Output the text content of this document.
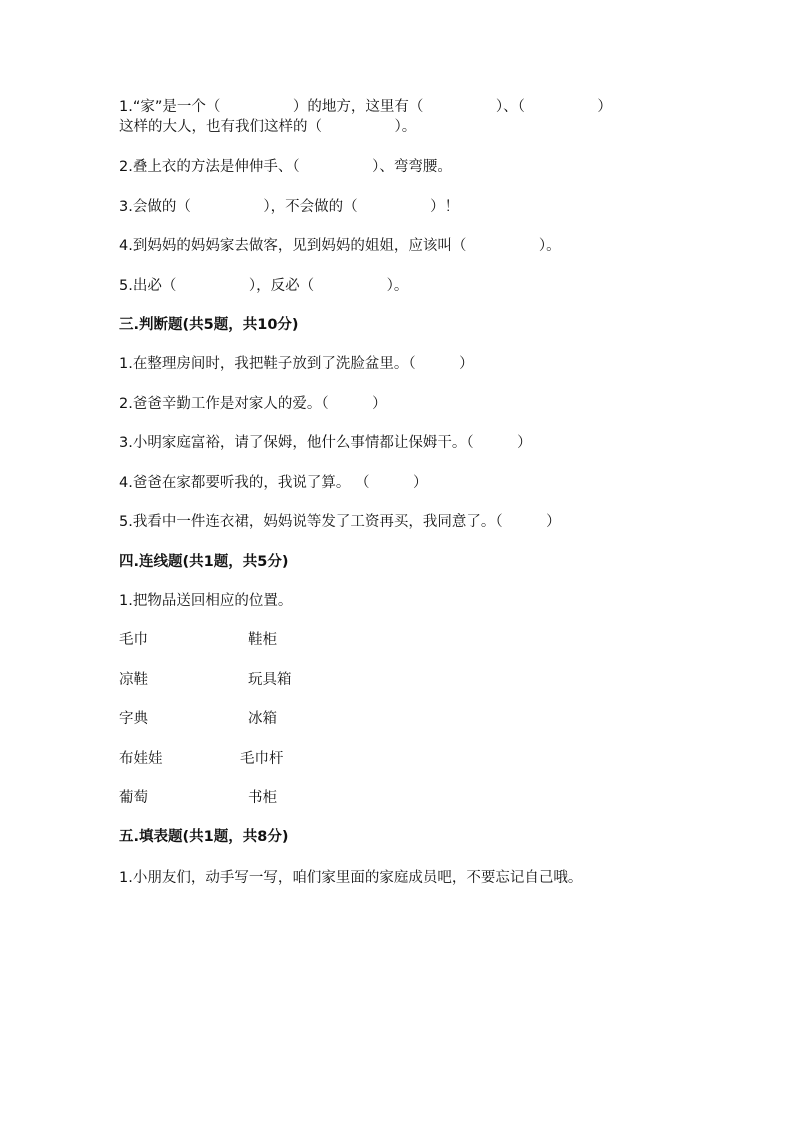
1.“家”是一个（　　　　　）的地方，这里有（　　　　　）、（　　　　　）
这样的大人，也有我们这样的（　　　　　）。
2.叠上衣的方法是伸伸手、（　　　　　）、弯弯腰。
3.会做的（　　　　　），不会做的（　　　　　）！
4.到妈妈的妈妈家去做客，见到妈妈的姐姐，应该叫（　　　　　）。
5.出必（　　　　　），反必（　　　　　）。
三.判断题(共5题，共10分)
1.在整理房间时，我把鞋子放到了洗脸盆里。（　　　）
2.爸爸辛勤工作是对家人的爱。（　　　）
3.小明家庭富裕，请了保姆，他什么事情都让保姆干。（　　　）
4.爸爸在家都要听我的，我说了算。 （　　　）
5.我看中一件连衣裙，妈妈说等发了工资再买，我同意了。（　　　）
四.连线题(共1题，共5分)
1.把物品送回相应的位置。
毛巾	鞋柜
凉鞋	玩具箱
字典	冰箱
布娃娃	毛巾杆
葡萄	书柜
五.填表题(共1题，共8分)
1.小朋友们，动手写一写，咱们家里面的家庭成员吧，不要忘记自己哦。
